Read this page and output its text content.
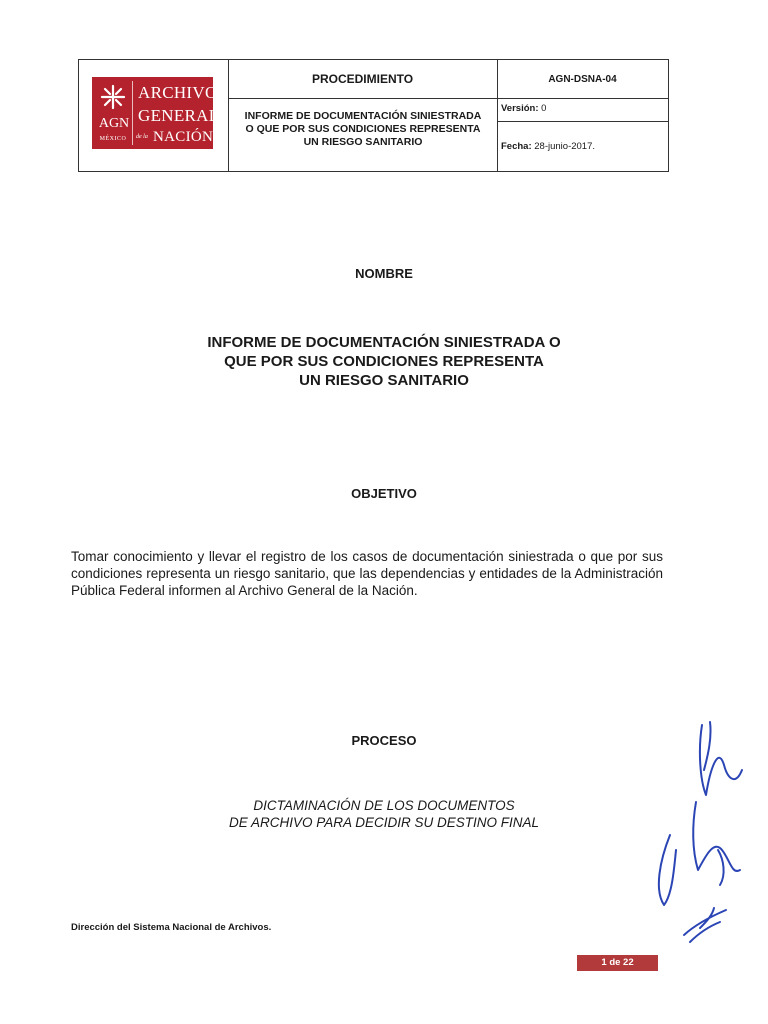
AGN
MÉXICO
ARCHIVO
GENERAL
de la NACIÓN
PROCEDIMIENTO
INFORME DE DOCUMENTACIÓN SINIESTRADA
O QUE POR SUS CONDICIONES REPRESENTA
UN RIESGO SANITARIO
AGN-DSNA-04
Versión: 0
Fecha:
28-junio-2017.
NOMBRE
INFORME DE DOCUMENTACIÓN SINIESTRADA O
QUE POR SUS CONDICIONES REPRESENTA
UN RIESGO SANITARIO
OBJETIVO
Tomar conocimiento y llevar el registro de los casos de documentación siniestrada o que por sus condiciones representa un riesgo sanitario, que las dependencias y entidades de la Administración Pública Federal informen al Archivo General de la Nación.
PROCESO
DICTAMINACIÓN DE LOS DOCUMENTOS
DE ARCHIVO PARA DECIDIR SU DESTINO FINAL
Dirección del Sistema Nacional de Archivos.
1 de 22
